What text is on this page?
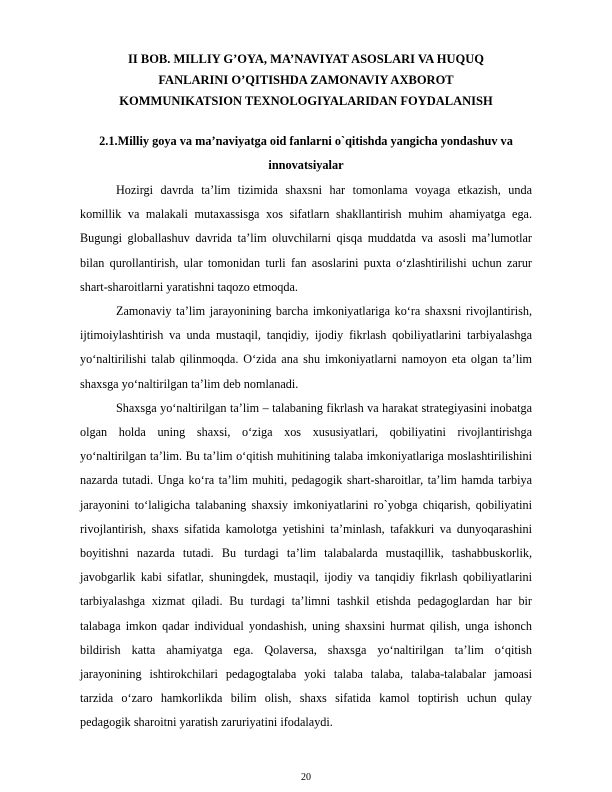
II BOB. MILLIY G’OYA, MA’NAVIYAT ASOSLARI VA HUQUQ
FANLARINI O’QITISHDA ZAMONAVIY AXBOROT
KOMMUNIKATSION TEXNOLOGIYALARIDAN FOYDALANISH
2.1.Milliy goya va ma’naviyatga oid fanlarni o`qitishda yangicha yondashuv va
innovatsiyalar

Hozirgi davrda ta’lim tizimida shaxsni har tomonlama voyaga etkazish, unda komillik va malakali mutaxassisga xos sifatlarn shakllantirish muhim ahamiyatga ega. Bugungi globallashuv davrida ta’lim oluvchilarni qisqa muddatda va asosli ma’lumotlar bilan qurollantirish, ular tomonidan turli fan asoslarini puxta o‘zlashtirilishi uchun zarur shart-sharoitlarni yaratishni taqozo etmoqda.

Zamonaviy ta’lim jarayonining barcha imkoniyatlariga ko‘ra shaxsni rivojlantirish, ijtimoiylashtirish va unda mustaqil, tanqidiy, ijodiy fikrlash qobiliyatlarini tarbiyalashga yo‘naltirilishi talab qilinmoqda. O‘zida ana shu imkoniyatlarni namoyon eta olgan ta’lim shaxsga yo‘naltirilgan ta’lim deb nomlanadi.

Shaxsga yo‘naltirilgan ta’lim – talabaning fikrlash va harakat strategiyasini inobatga olgan holda uning shaxsi, o‘ziga xos xususiyatlari, qobiliyatini rivojlantirishga yo‘naltirilgan ta’lim. Bu ta’lim o‘qitish muhitining talaba imkoniyatlariga moslashtirilishini nazarda tutadi. Unga ko‘ra ta’lim muhiti, pedagogik shart-sharoitlar, ta’lim hamda tarbiya jarayonini to‘laligicha talabaning shaxsiy imkoniyatlarini ro`yobga chiqarish, qobiliyatini rivojlantirish, shaxs sifatida kamolotga yetishini ta’minlash, tafakkuri va dunyoqarashini boyitishni nazarda tutadi. Bu turdagi ta’lim talabalarda mustaqillik, tashabbuskorlik, javobgarlik kabi sifatlar, shuningdek, mustaqil, ijodiy va tanqidiy fikrlash qobiliyatlarini tarbiyalashga xizmat qiladi. Bu turdagi ta’limni tashkil etishda pedagoglardan har bir talabaga imkon qadar individual yondashish, uning shaxsini hurmat qilish, unga ishonch bildirish katta ahamiyatga ega. Qolaversa, shaxsga yo‘naltirilgan ta’lim o‘qitish jarayonining ishtirokchilari pedagogtalaba yoki talaba talaba, talaba-talabalar jamoasi tarzida o‘zaro hamkorlikda bilim olish, shaxs sifatida kamol toptirish uchun qulay pedagogik sharoitni yaratish zaruriyatini ifodalaydi.

20
